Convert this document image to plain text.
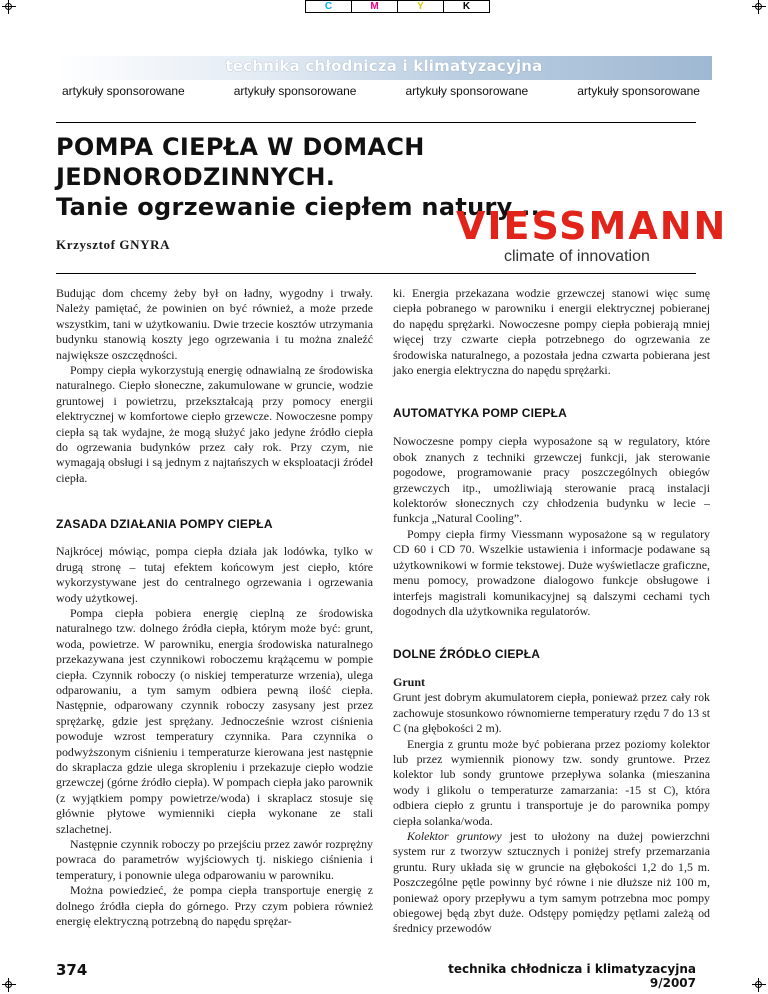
C	M	Y	K
technika chłodnicza i klimatyzacyjna
artykuły sponsorowane	artykuły sponsorowane	artykuły sponsorowane	artykuły sponsorowane
POMPA CIEPŁA W DOMACH JEDNORODZINNYCH.
Tanie ogrzewanie ciepłem natury ...
VIESSMANN
climate of innovation
Krzysztof GNYRA

Budując dom chcemy żeby był on ładny, wygodny i trwały. Należy pamiętać, że powinien on być również, a może przede wszystkim, tani w użytkowaniu. Dwie trzecie kosztów utrzymania budynku stanowią koszty jego ogrzewania i tu można znaleźć największe oszczędności.

Pompy ciepła wykorzystują energię odnawialną ze środowiska naturalnego. Ciepło słoneczne, zakumulowane w gruncie, wodzie gruntowej i powietrzu, przekształcają przy pomocy energii elektrycznej w komfortowe ciepło grzewcze. Nowoczesne pompy ciepła są tak wydajne, że mogą służyć jako jedyne źródło ciepła do ogrzewania budynków przez cały rok. Przy czym, nie wymagają obsługi i są jednym z najtańszych w eksploatacji źródeł ciepła.

ZASADA DZIAŁANIA POMPY CIEPŁA

Najkrócej mówiąc, pompa ciepła działa jak lodówka, tylko w drugą stronę – tutaj efektem końcowym jest ciepło, które wykorzystywane jest do centralnego ogrzewania i ogrzewania wody użytkowej.

Pompa ciepła pobiera energię cieplną ze środowiska naturalnego tzw. dolnego źródła ciepła, którym może być: grunt, woda, powietrze. W parowniku, energia środowiska naturalnego przekazywana jest czynnikowi roboczemu krążącemu w pompie ciepła. Czynnik roboczy (o niskiej temperaturze wrzenia), ulega odparowaniu, a tym samym odbiera pewną ilość ciepła. Następnie, odparowany czynnik roboczy zasysany jest przez sprężarkę, gdzie jest sprężany. Jednocześnie wzrost ciśnienia powoduje wzrost temperatury czynnika. Para czynnika o podwyższonym ciśnieniu i temperaturze kierowana jest następnie do skraplacza gdzie ulega skropleniu i przekazuje ciepło wodzie grzewczej (górne źródło ciepła). W pompach ciepła jako parownik (z wyjątkiem pompy powietrze/woda) i skraplacz stosuje się głównie płytowe wymienniki ciepła wykonane ze stali szlachetnej.

Następnie czynnik roboczy po przejściu przez zawór rozprężny powraca do parametrów wyjściowych tj. niskiego ciśnienia i temperatury, i ponownie ulega odparowaniu w parowniku.

Można powiedzieć, że pompa ciepła transportuje energię z dolnego źródła ciepła do górnego. Przy czym pobiera również energię elektryczną potrzebną do napędu sprężar-

ki. Energia przekazana wodzie grzewczej stanowi więc sumę ciepła pobranego w parowniku i energii elektrycznej pobieranej do napędu sprężarki. Nowoczesne pompy ciepła pobierają mniej więcej trzy czwarte ciepła potrzebnego do ogrzewania ze środowiska naturalnego, a pozostała jedna czwarta pobierana jest jako energia elektryczna do napędu sprężarki.

AUTOMATYKA POMP CIEPŁA

Nowoczesne pompy ciepła wyposażone są w regulatory, które obok znanych z techniki grzewczej funkcji, jak sterowanie pogodowe, programowanie pracy poszczególnych obiegów grzewczych itp., umożliwiają sterowanie pracą instalacji kolektorów słonecznych czy chłodzenia budynku w lecie – funkcja „Natural Cooling”.

Pompy ciepła firmy Viessmann wyposażone są w regulatory CD 60 i CD 70. Wszelkie ustawienia i informacje podawane są użytkownikowi w formie tekstowej. Duże wyświetlacze graficzne, menu pomocy, prowadzone dialogowo funkcje obsługowe i interfejs magistrali komunikacyjnej są dalszymi cechami tych dogodnych dla użytkownika regulatorów.

DOLNE ŹRÓDŁO CIEPŁA
Grunt

Grunt jest dobrym akumulatorem ciepła, ponieważ przez cały rok zachowuje stosunkowo równomierne temperatury rzędu 7 do 13 st C (na głębokości 2 m).

Energia z gruntu może być pobierana przez poziomy kolektor lub przez wymiennik pionowy tzw. sondy gruntowe. Przez kolektor lub sondy gruntowe przepływa solanka (mieszanina wody i glikolu o temperaturze zamarzania: -15 st C), która odbiera ciepło z gruntu i transportuje je do parownika pompy ciepła solanka/woda.

Kolektor gruntowy jest to ułożony na dużej powierzchni system rur z tworzyw sztucznych i poniżej strefy przemarzania gruntu. Rury układa się w gruncie na głębokości 1,2 do 1,5 m. Poszczególne pętle powinny być równe i nie dłuższe niż 100 m, ponieważ opory przepływu a tym samym potrzebna moc pompy obiegowej będą zbyt duże. Odstępy pomiędzy pętlami zależą od średnicy przewodów

374	technika chłodnicza i klimatyzacyjna 9/2007
